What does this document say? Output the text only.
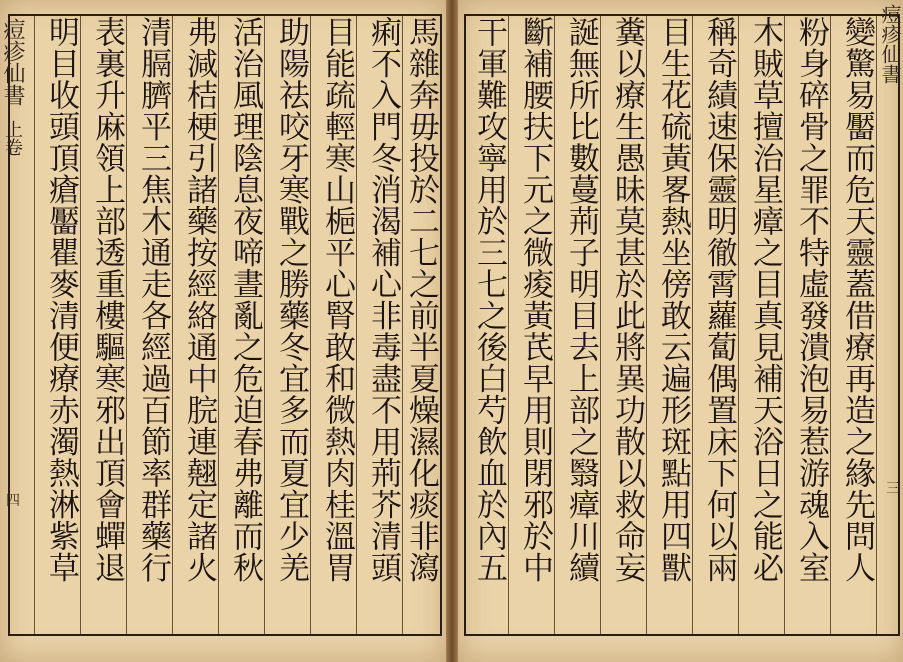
痘疹仙書
上卷
四	馬雜奔毋投於二七之前半夏燥濕化痰非瀉
痢不入門冬消渴補心非毒盡不用荊芥清頭
目能疏輕寒山梔平心腎敢和微熱肉桂溫胃
助陽祛咬牙寒戰之勝藥冬宜多而夏宜少羌
活治風理陰息夜啼晝亂之危迫春弗離而秋
弗減桔梗引諸藥按經絡通中脘連翹定諸火
清膈臍平三焦木通走各經過百節率群藥行
表裏升麻領上部透重樓驅寒邪出頂會蟬退
明目收頭頂瘡靨瞿麥清便療赤濁熱淋紫草	變驚易靨而危天靈蓋借療再造之緣先問人
粉身碎骨之罪不特虛發潰泡易惹游魂入室
木賊草擅治星瘴之目真見補天浴日之能必
稱奇績速保靈明徹霄蘿蔔偶置床下何以兩
目生花硫黃畧熱坐傍敢云遍形斑點用四獸
糞以療生愚昧莫甚於此將異功散以救命妄
誕無所比數蔓荊子明目去上部之翳瘴川續
斷補腰扶下元之微痠黃芪早用則閉邪於中
干軍難攻寧用於三七之後白芍飲血於內五	痘疹仙書
三
